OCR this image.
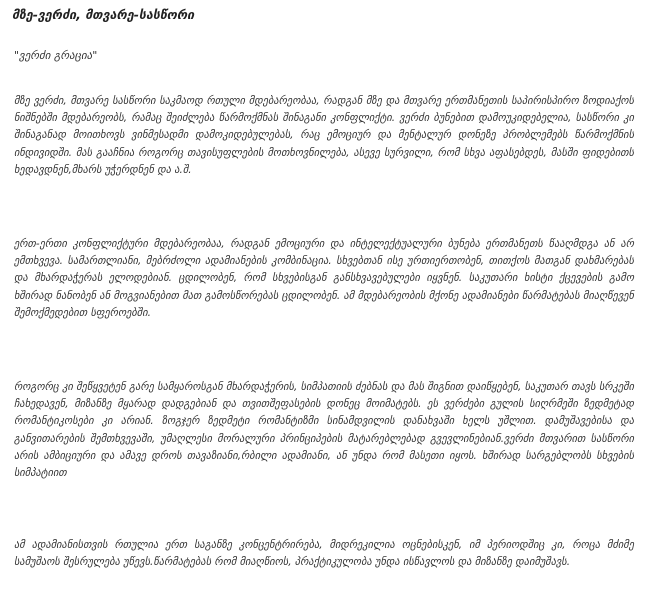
მზე-ვერძი, მთვარე-სასწორი

"ვერძი გრაცია"

მზე ვერძი, მთვარე სასწორი საკმაოდ რთული მდებარეობაა, რადგან მზე და მთვარე ერთმანეთის საპირისპირო ზოდიაქოს ნიშნებში მდებარეობს, რამაც შეიძლება წარმოქმნას შინაგანი კონფლიქტი. ვერძი ბუნებით დამოუკიდებელია, სასწორი კი შინაგანად მოითხოვს ვინმესადმი დამოკიდებულებას, რაც ემოციურ და მენტალურ დონეზე პრობლემებს წარმოქმნის ინდივიდში. მას გააჩნია როგორც თავისუფლების მოთხოვნილება, ასევე სურვილი, რომ სხვა აფასებდეს, მასში ფიდებითს ხედავდნენ,მხარს უჭერდნენ და ა.შ.

ერთ-ერთი კონფლიქტური მდებარეობაა, რადგან ემოციური და ინტელექტუალური ბუნება ერთმანეთს წააღმდგა ან არ ემთხვევა. სამართლიანი, მებრძოლი ადამიანების კომბინაცია. სხვებთან ისე ურთიერთობენ, თითქოს მათგან დახმარებას და მხარდაჭერას ელოდებიან. ცდილობენ, რომ სხვებისგან განსხვავებულები იყვნენ. საკუთარი ხისტი ქცევების გამო ხშირად ნანობენ ან მოგვიანებით მათ გამოსწორებას ცდილობენ. ამ მდებარეობის მქონე ადამიანები წარმატებას მიაღწევენ შემოქმედებით სფეროებში.

როგორც კი შეწყვეტენ გარე სამყაროსგან მხარდაჭერის, სიმპათიის ძებნას და მას შიგნით დაიწყებენ, საკუთარ თავს სრკეში ჩახედავენ, მიზანზე მყარად დადგებიან და თვითშეფასების დონეც მოიმატებს. ეს ვერძები გულის სიღრმეში ზედმეტად რომანტიკოსები კი არიან. ზოგჯერ ზედმეტი რომანტიზმი სინამდვილის დანახვაში ხელს უშლით. დამუშავებისა და განვითარების შემთხვევაში, უმაღლესი მორალური პრინციპების მატარებლებად გვევლინებიან.ვერძი მთვარით სასწორი არის ამბიციური და ამავე დროს თავაზიანი,რბილი ადამიანი, ან უნდა რომ მასეთი იყოს. ხშირად სარგებლობს სხვების სიმპატიით

ამ ადამიანისთვის რთულია ერთ საგანზე კონცენტრირება, მიდრეკილია ოცნებისკენ, იმ პერიოდშიც კი, როცა მძიმე სამუშაოს შესრულება უწევს.წარმატებას რომ მიაღწიოს, პრაქტიკულობა უნდა ისწავლოს და მიზანზე დაიმუშავს.
